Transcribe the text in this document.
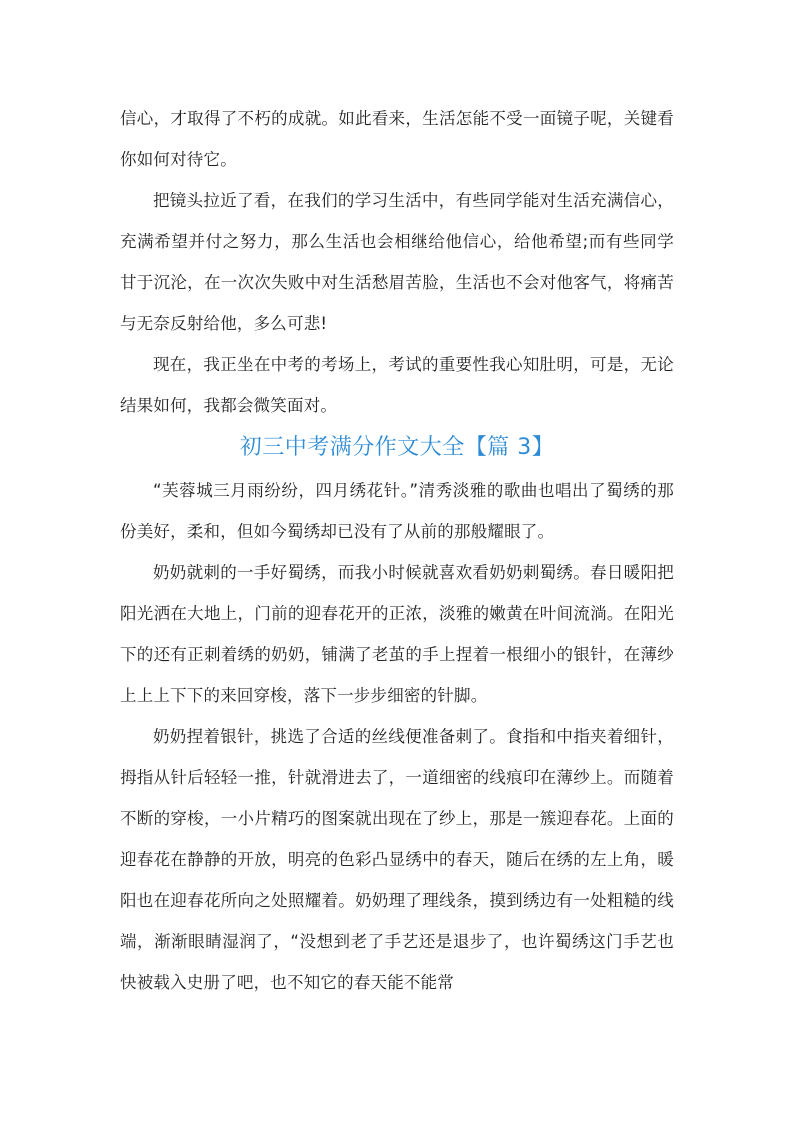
信心，才取得了不朽的成就。如此看来，生活怎能不受一面镜子呢，关键看你如何对待它。

把镜头拉近了看，在我们的学习生活中，有些同学能对生活充满信心，充满希望并付之努力，那么生活也会相继给他信心，给他希望;而有些同学甘于沉沦，在一次次失败中对生活愁眉苦脸，生活也不会对他客气，将痛苦与无奈反射给他，多么可悲!

现在，我正坐在中考的考场上，考试的重要性我心知肚明，可是，无论结果如何，我都会微笑面对。

初三中考满分作文大全【篇 3】

“芙蓉城三月雨纷纷，四月绣花针。”清秀淡雅的歌曲也唱出了蜀绣的那份美好，柔和，但如今蜀绣却已没有了从前的那般耀眼了。

奶奶就刺的一手好蜀绣，而我小时候就喜欢看奶奶刺蜀绣。春日暖阳把阳光洒在大地上，门前的迎春花开的正浓，淡雅的嫩黄在叶间流淌。在阳光下的还有正刺着绣的奶奶，铺满了老茧的手上捏着一根细小的银针，在薄纱上上上下下的来回穿梭，落下一步步细密的针脚。

奶奶捏着银针，挑选了合适的丝线便准备刺了。食指和中指夹着细针，拇指从针后轻轻一推，针就滑进去了，一道细密的线痕印在薄纱上。而随着不断的穿梭，一小片精巧的图案就出现在了纱上，那是一簇迎春花。上面的迎春花在静静的开放，明亮的色彩凸显绣中的春天，随后在绣的左上角，暖阳也在迎春花所向之处照耀着。奶奶理了理线条，摸到绣边有一处粗糙的线端，渐渐眼睛湿润了，“没想到老了手艺还是退步了，也许蜀绣这门手艺也快被载入史册了吧，也不知它的春天能不能常
